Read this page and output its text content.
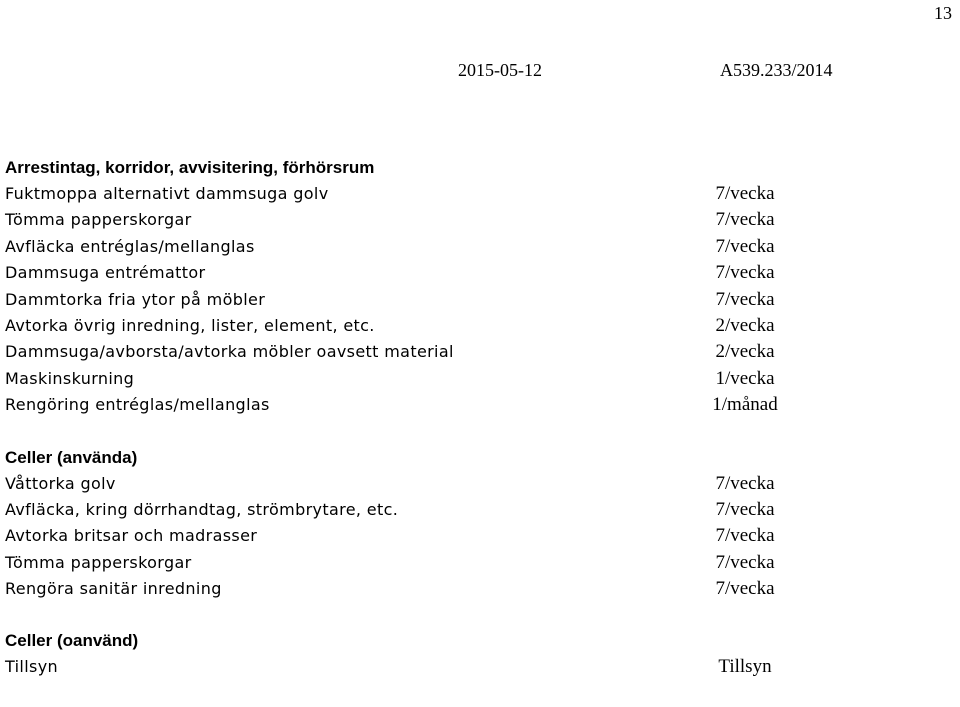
13
2015-05-12	A539.233/2014
Arrestintag, korridor, avvisitering, förhörsrum
Fuktmoppa alternativt dammsuga golv	7/vecka
Tömma papperskorgar	7/vecka
Avfläcka entréglas/mellanglas	7/vecka
Dammsuga entrémattor	7/vecka
Dammtorka fria ytor på möbler	7/vecka
Avtorka övrig inredning, lister, element, etc.	2/vecka
Dammsuga/avborsta/avtorka möbler oavsett material	2/vecka
Maskinskurning	1/vecka
Rengöring entréglas/mellanglas	1/månad
Celler (använda)
Våttorka golv	7/vecka
Avfläcka, kring dörrhandtag, strömbrytare, etc.	7/vecka
Avtorka britsar och madrasser	7/vecka
Tömma papperskorgar	7/vecka
Rengöra sanitär inredning	7/vecka
Celler (oanvänd)
Tillsyn	Tillsyn
